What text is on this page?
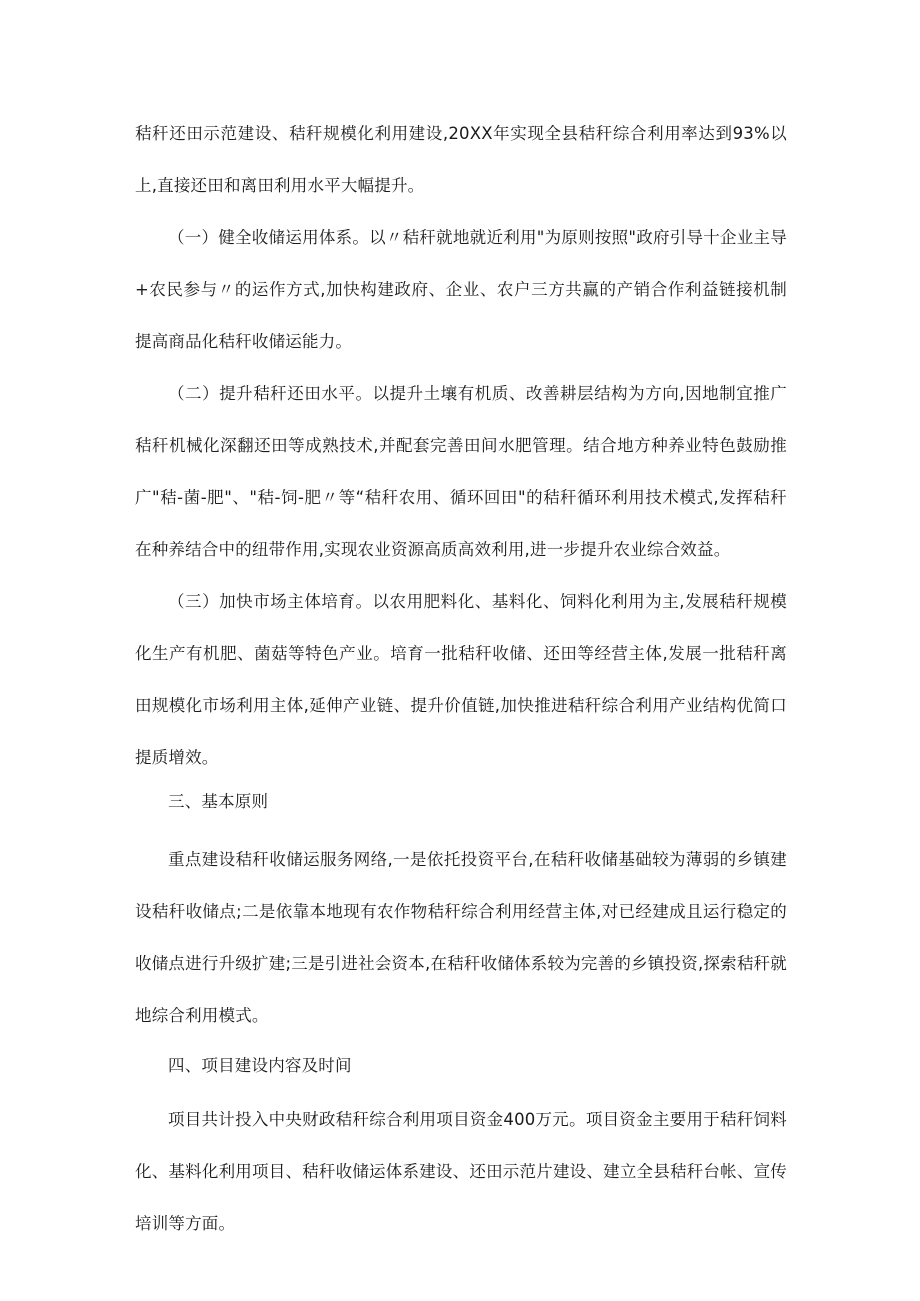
秸秆还田示范建设、秸秆规模化利用建设,20XX年实现全县秸秆综合利用率达到93%以上,直接还田和离田利用水平大幅提升。

（一）健全收储运用体系。以〃秸秆就地就近利用"为原则按照"政府引导十企业主导+农民参与〃的运作方式,加快构建政府、企业、农户三方共赢的产销合作利益链接机制提高商品化秸秆收储运能力。

（二）提升秸秆还田水平。以提升土壤有机质、改善耕层结构为方向,因地制宜推广秸秆机械化深翻还田等成熟技术,并配套完善田间水肥管理。结合地方种养业特色鼓励推广"秸-菌-肥"、"秸-饲-肥〃等“秸秆农用、循环回田"的秸秆循环利用技术模式,发挥秸秆在种养结合中的纽带作用,实现农业资源高质高效利用,进一步提升农业综合效益。

（三）加快市场主体培育。以农用肥料化、基料化、饲料化利用为主,发展秸秆规模化生产有机肥、菌菇等特色产业。培育一批秸秆收储、还田等经营主体,发展一批秸秆离田规模化市场利用主体,延伸产业链、提升价值链,加快推进秸秆综合利用产业结构优简口提质增效。

三、基本原则

重点建设秸秆收储运服务网络,一是依托投资平台,在秸秆收储基础较为薄弱的乡镇建设秸秆收储点;二是依靠本地现有农作物秸秆综合利用经营主体,对已经建成且运行稳定的收储点进行升级扩建;三是引进社会资本,在秸秆收储体系较为完善的乡镇投资,探索秸秆就地综合利用模式。

四、项目建设内容及时间

项目共计投入中央财政秸秆综合利用项目资金400万元。项目资金主要用于秸秆饲料化、基料化利用项目、秸秆收储运体系建设、还田示范片建设、建立全县秸秆台帐、宣传培训等方面。
